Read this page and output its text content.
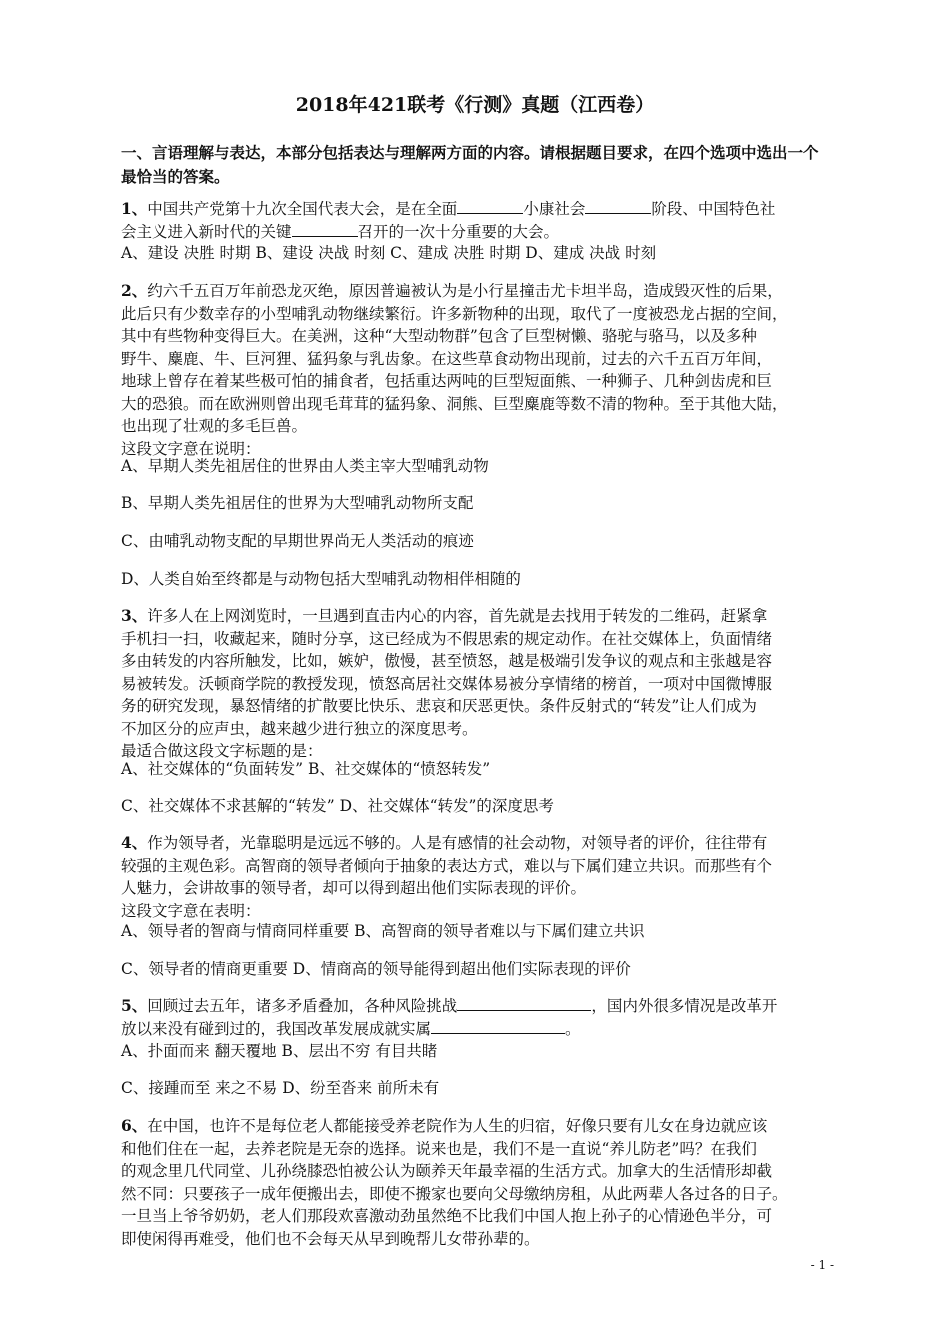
2018年421联考《行测》真题（江西卷）
一、言语理解与表达，本部分包括表达与理解两方面的内容。请根据题目要求，在四个选项中选出一个最恰当的答案。
1、中国共产党第十九次全国代表大会，是在全面	小康社会	阶段、中国特色社
会主义进入新时代的关键	召开的一次十分重要的大会。
A、建设 决胜 时期 B、建设 决战 时刻 C、建成 决胜 时期 D、建成 决战 时刻
2、约六千五百万年前恐龙灭绝，原因普遍被认为是小行星撞击尤卡坦半岛，造成毁灭性的后果，
此后只有少数幸存的小型哺乳动物继续繁衍。许多新物种的出现，取代了一度被恐龙占据的空间，
其中有些物种变得巨大。在美洲，这种“大型动物群”包含了巨型树懒、骆驼与骆马，以及多种
野牛、麋鹿、牛、巨河狸、猛犸象与乳齿象。在这些草食动物出现前，过去的六千五百万年间，
地球上曾存在着某些极可怕的捕食者，包括重达两吨的巨型短面熊、一种狮子、几种剑齿虎和巨
大的恐狼。而在欧洲则曾出现毛茸茸的猛犸象、洞熊、巨型麋鹿等数不清的物种。至于其他大陆，
也出现了壮观的多毛巨兽。
这段文字意在说明：
A、早期人类先祖居住的世界由人类主宰大型哺乳动物
B、早期人类先祖居住的世界为大型哺乳动物所支配
C、由哺乳动物支配的早期世界尚无人类活动的痕迹
D、人类自始至终都是与动物包括大型哺乳动物相伴相随的
3、许多人在上网浏览时，一旦遇到直击内心的内容，首先就是去找用于转发的二维码，赶紧拿
手机扫一扫，收藏起来，随时分享，这已经成为不假思索的规定动作。在社交媒体上，负面情绪
多由转发的内容所触发，比如，嫉妒，傲慢，甚至愤怒，越是极端引发争议的观点和主张越是容
易被转发。沃顿商学院的教授发现，愤怒高居社交媒体易被分享情绪的榜首，一项对中国微博服
务的研究发现，暴怒情绪的扩散要比快乐、悲哀和厌恶更快。条件反射式的“转发”让人们成为
不加区分的应声虫，越来越少进行独立的深度思考。
最适合做这段文字标题的是：
A、社交媒体的“负面转发” B、社交媒体的“愤怒转发”
C、社交媒体不求甚解的“转发” D、社交媒体“转发”的深度思考
4、作为领导者，光靠聪明是远远不够的。人是有感情的社会动物，对领导者的评价，往往带有
较强的主观色彩。高智商的领导者倾向于抽象的表达方式，难以与下属们建立共识。而那些有个
人魅力，会讲故事的领导者，却可以得到超出他们实际表现的评价。
这段文字意在表明：
A、领导者的智商与情商同样重要 B、高智商的领导者难以与下属们建立共识
C、领导者的情商更重要 D、情商高的领导能得到超出他们实际表现的评价
5、回顾过去五年，诸多矛盾叠加，各种风险挑战	，国内外很多情况是改革开
放以来没有碰到过的，我国改革发展成就实属	。
A、扑面而来 翻天覆地 B、层出不穷 有目共睹
C、接踵而至 来之不易 D、纷至沓来 前所未有
6、在中国，也许不是每位老人都能接受养老院作为人生的归宿，好像只要有儿女在身边就应该
和他们住在一起，去养老院是无奈的选择。说来也是，我们不是一直说“养儿防老”吗？在我们
的观念里几代同堂、儿孙绕膝恐怕被公认为颐养天年最幸福的生活方式。加拿大的生活情形却截
然不同：只要孩子一成年便搬出去，即使不搬家也要向父母缴纳房租，从此两辈人各过各的日子。
一旦当上爷爷奶奶，老人们那段欢喜激动劲虽然绝不比我们中国人抱上孙子的心情逊色半分，可
即使闲得再难受，他们也不会每天从早到晚帮儿女带孙辈的。
- 1 -
